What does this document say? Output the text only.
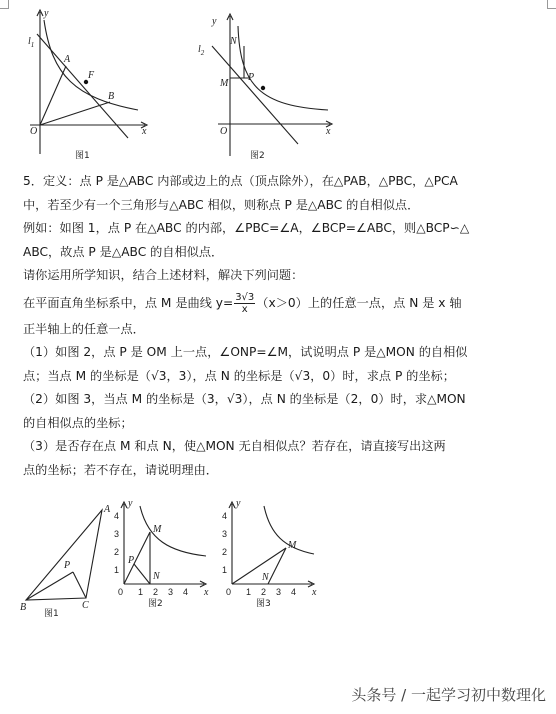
$l_1$
y
x
O
A
B
F
图1
$l_2$
y
x
O
N
M
P
图2

5．定义：点 P 是△ABC 内部或边上的点（顶点除外），在△PAB，△PBC，△PCA

中，若至少有一个三角形与△ABC 相似，则称点 P 是△ABC 的自相似点．

例如：如图 1，点 P 在△ABC 的内部，∠PBC=∠A，∠BCP=∠ABC，则△BCP∽△

ABC，故点 P 是△ABC 的自相似点．

请你运用所学知识，结合上述材料，解决下列问题：

在平面直角坐标系中，点 M 是曲线 $y= \frac{3√3}{x} (x>0)$上的任意一点，点 N 是 x 轴

正半轴上的任意一点．

（1）如图 2，点 P 是 OM 上一点，∠ONP=∠M，试说明点 P 是△MON 的自相似

点；当点 M 的坐标是（√3，3），点 N 的坐标是（√3，0）时，求点 P 的坐标；

（2）如图 3，当点 M 的坐标是（3，√3），点 N 的坐标是（2，0）时，求△MON

的自相似点的坐标；

（3）是否存在点 M 和点 N，使△MON 无自相似点？若存在，请直接写出这两

点的坐标；若不存在，请说明理由．

A
B	C
P
图1
1 2 3 4
1
2
3
4
0
M
N
P
y
x
图2
1 2 3 4
1
2
3
4
0
M
N
y
x
图3
头条号 / 一起学习初中数理化
